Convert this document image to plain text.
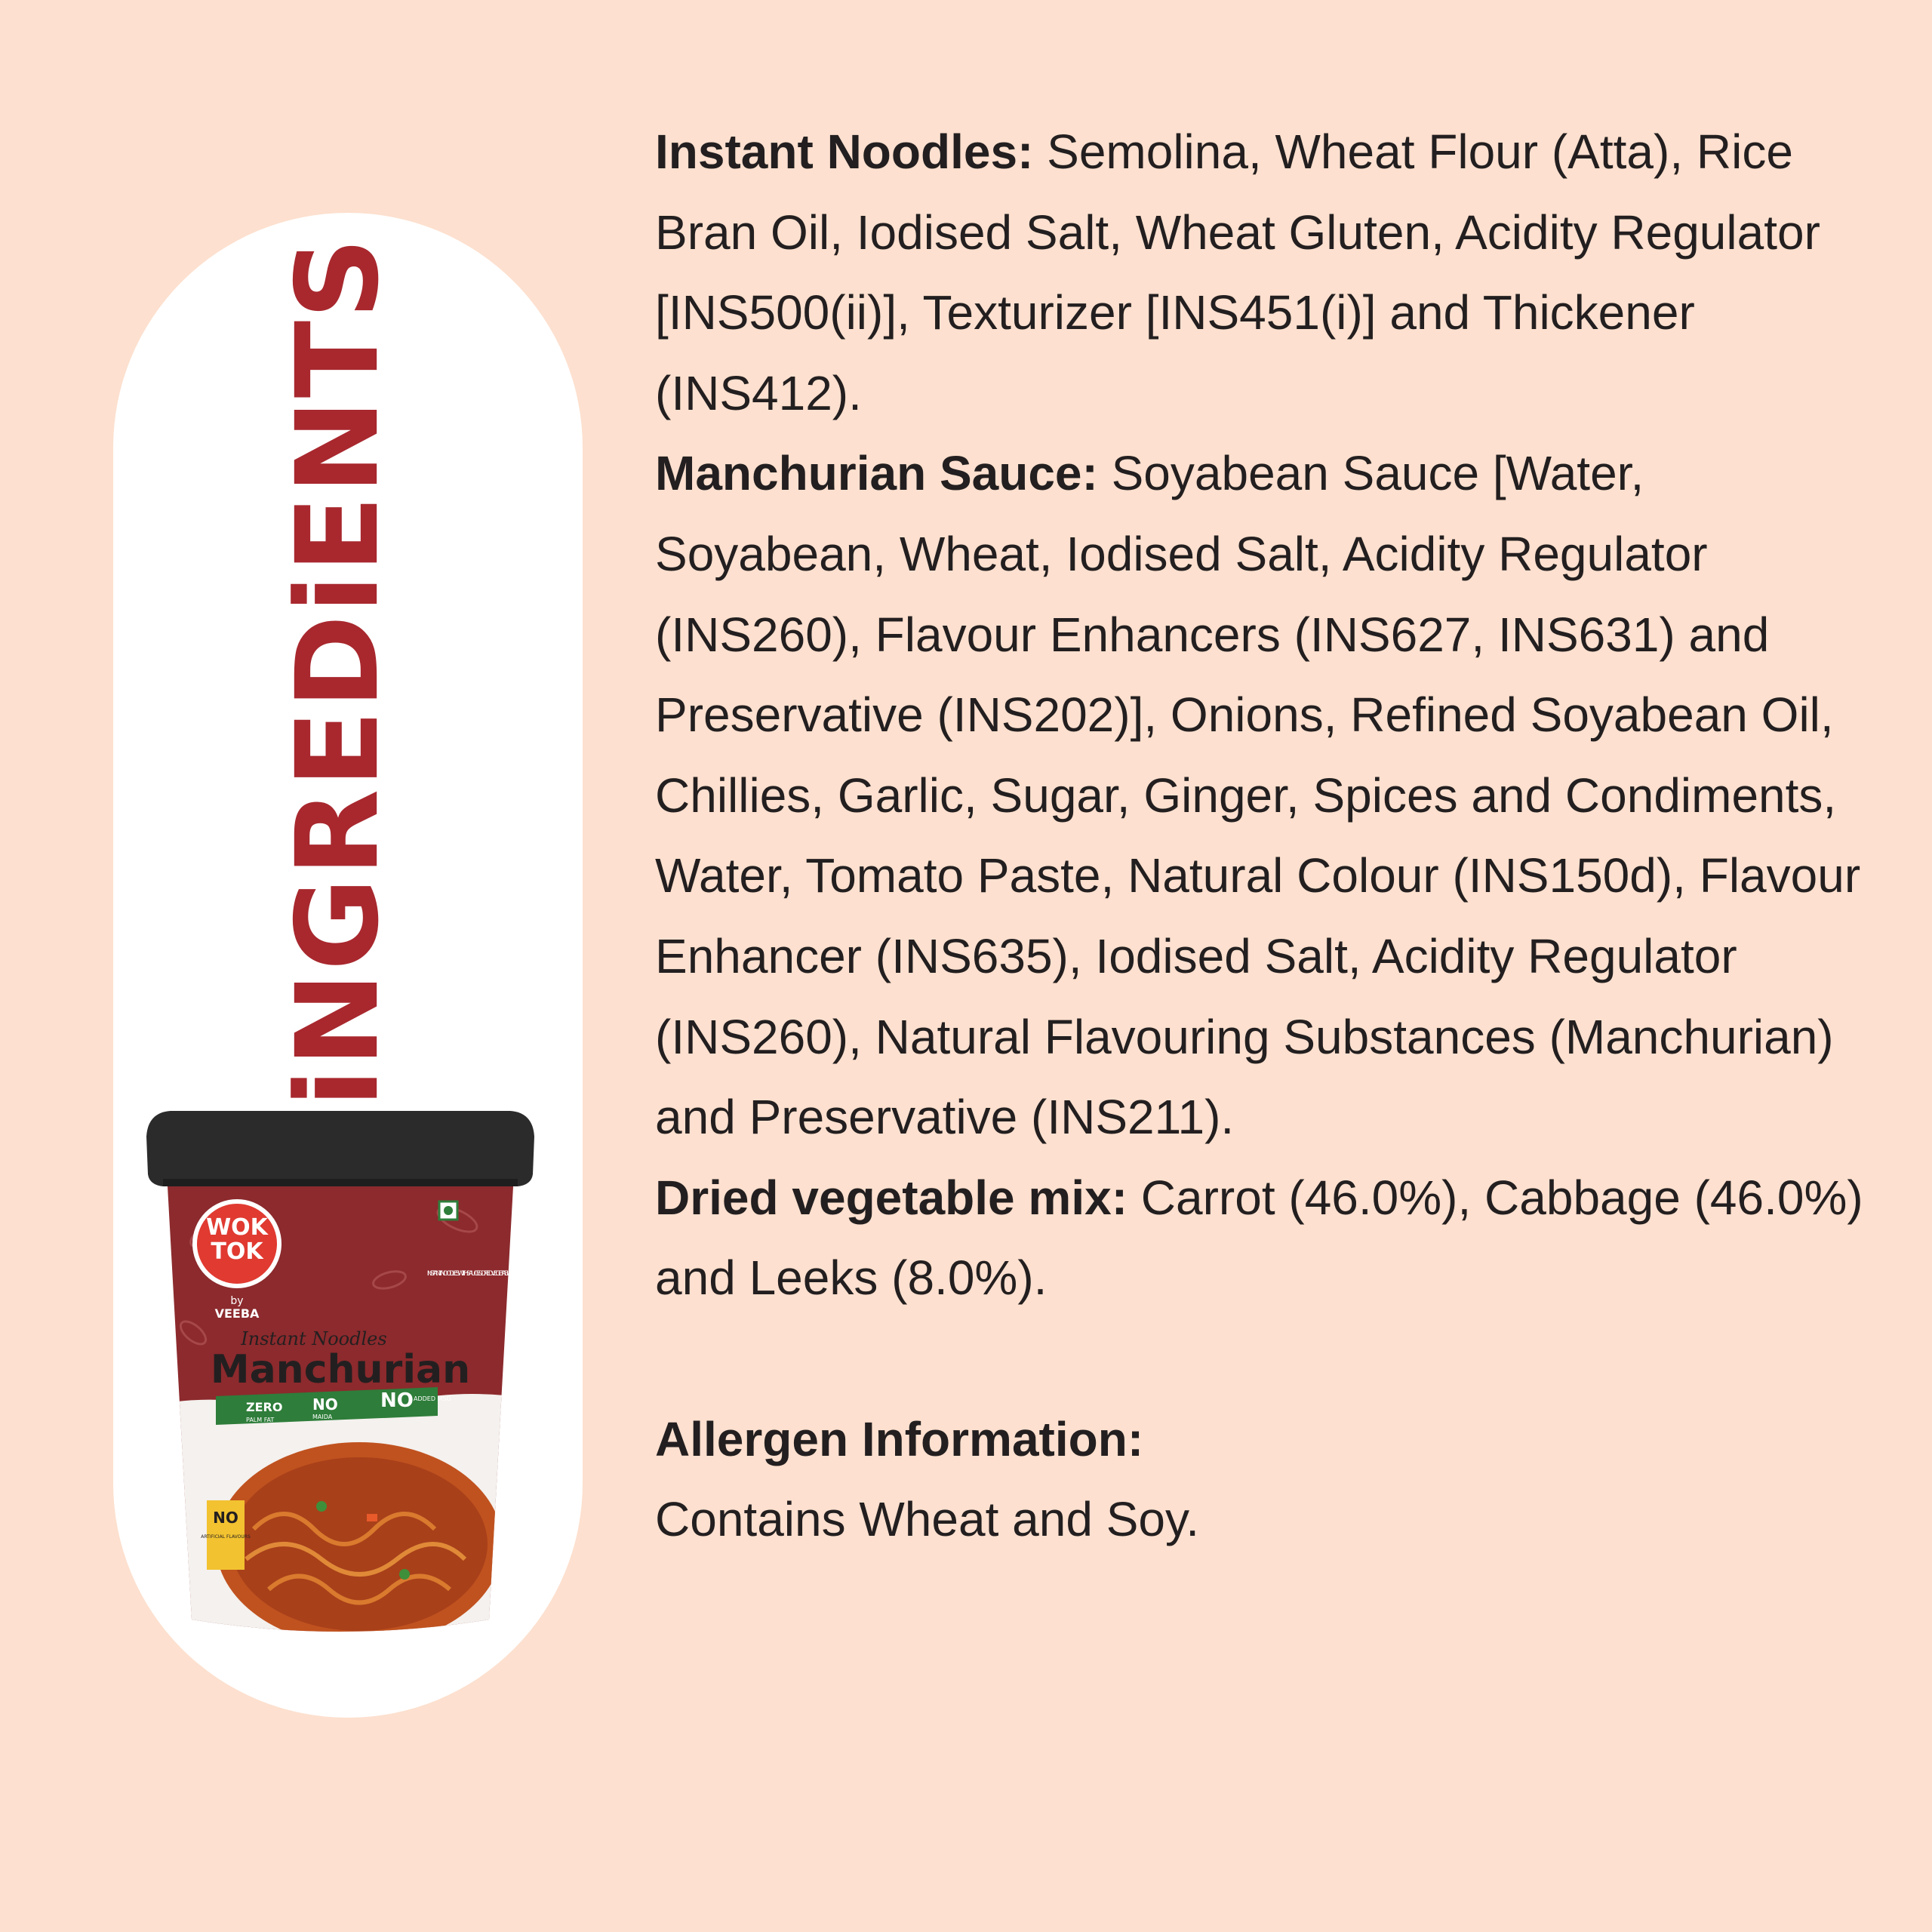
iNGREDiENTS
WOK
TOK
by
VEEBA
INSTANT NOODLES WITH SAUCE & DRIED VEGETABLE MIX
Instant Noodles
Manchurian
ZERO
PALM FAT
NO
MAIDA
NO ADDED MSG
NO
ARTIFICIAL FLAVOURS

Instant Noodles: Semolina, Wheat Flour (Atta), Rice Bran Oil, Iodised Salt, Wheat Gluten, Acidity Regulator [INS500(ii)], Texturizer [INS451(i)] and Thickener (INS412).

Manchurian Sauce: Soyabean Sauce [Water, Soyabean, Wheat, Iodised Salt, Acidity Regulator (INS260), Flavour Enhancers (INS627, INS631) and Preservative (INS202)], Onions, Refined Soyabean Oil, Chillies, Garlic, Sugar, Ginger, Spices and Condiments, Water, Tomato Paste, Natural Colour (INS150d), Flavour Enhancer (INS635), Iodised Salt, Acidity Regulator (INS260), Natural Flavouring Substances (Manchurian) and Preservative (INS211).

Dried vegetable mix: Carrot (46.0%), Cabbage (46.0%) and Leeks (8.0%).

Allergen Information:

Contains Wheat and Soy.
